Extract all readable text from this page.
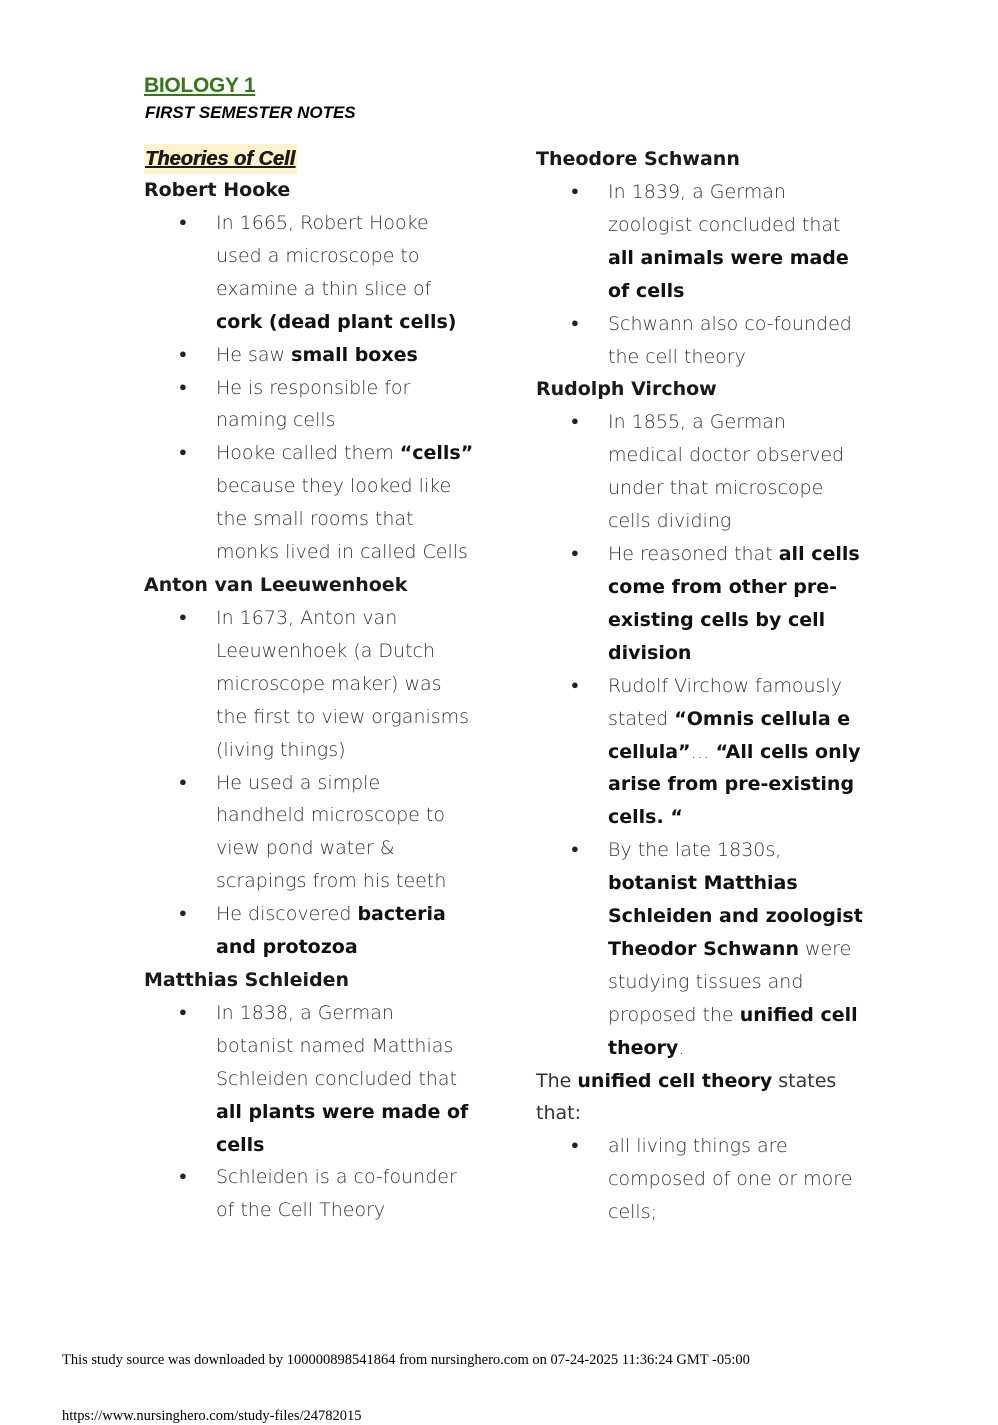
BIOLOGY 1
FIRST SEMESTER NOTES
Theories of Cell

Robert Hooke

● In 1665, Robert Hooke used a microscope to examine a thin slice of cork (dead plant cells)
● He saw small boxes
● He is responsible for naming cells
● Hooke called them “cells” because they looked like the small rooms that monks lived in called Cells

Anton van Leeuwenhoek

● In 1673, Anton van Leeuwenhoek (a Dutch microscope maker) was the first to view organisms (living things)
● He used a simple handheld microscope to view pond water & scrapings from his teeth
● He discovered bacteria and protozoa

Matthias Schleiden

● In 1838, a German botanist named Matthias Schleiden concluded that all plants were made of cells
● Schleiden is a co-founder of the Cell Theory

Theodore Schwann

● In 1839, a German zoologist concluded that all animals were made of cells
● Schwann also co-founded the cell theory

Rudolph Virchow

● In 1855, a German medical doctor observed under that microscope cells dividing
● He reasoned that all cells come from other pre-existing cells by cell division
● Rudolf Virchow famously stated “Omnis cellula e cellula”… “All cells only arise from pre-existing cells. “
● By the late 1830s, botanist Matthias Schleiden and zoologist Theodor Schwann were studying tissues and proposed the unified cell theory.

The unified cell theory states that:

● all living things are composed of one or more cells;
This study source was downloaded by 100000898541864 from nursinghero.com on 07-24-2025 11:36:24 GMT -05:00
https://www.nursinghero.com/study-files/24782015
